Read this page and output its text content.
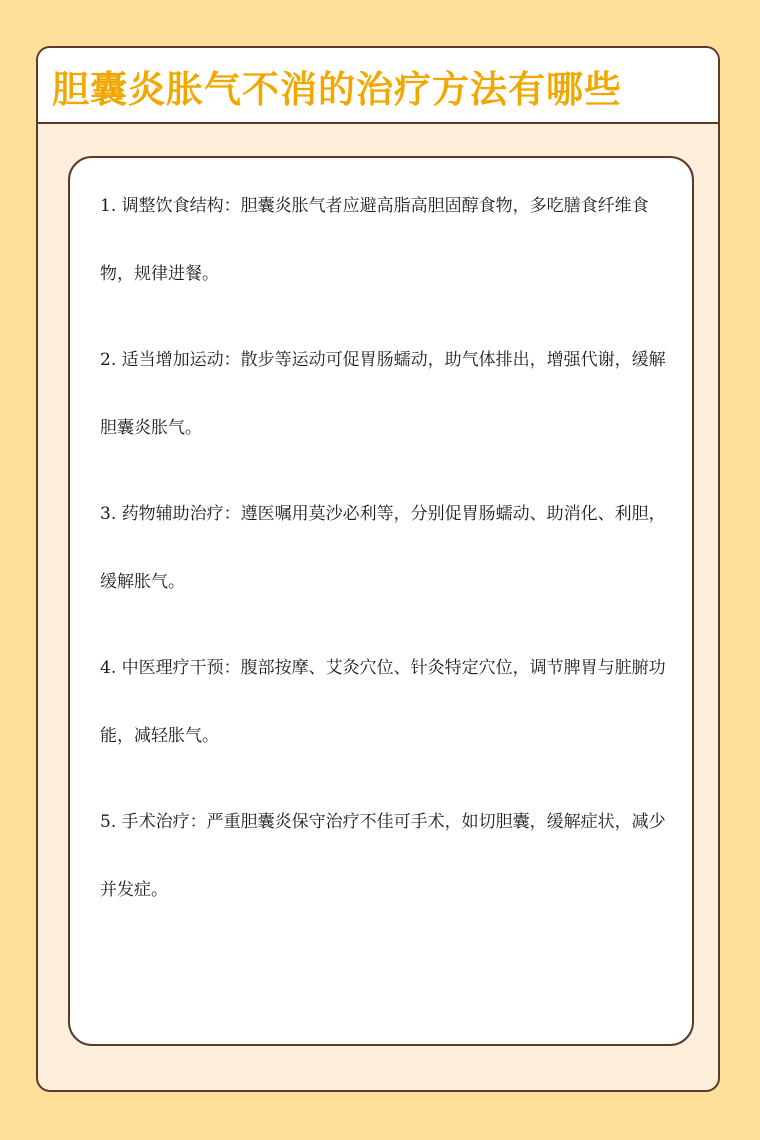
胆囊炎胀气不消的治疗方法有哪些

1. 调整饮食结构：胆囊炎胀气者应避高脂高胆固醇食物，多吃膳食纤维食物，规律进餐。

2. 适当增加运动：散步等运动可促胃肠蠕动，助气体排出，增强代谢，缓解胆囊炎胀气。

3. 药物辅助治疗：遵医嘱用莫沙必利等，分别促胃肠蠕动、助消化、利胆，缓解胀气。

4. 中医理疗干预：腹部按摩、艾灸穴位、针灸特定穴位，调节脾胃与脏腑功能，减轻胀气。

5. 手术治疗：严重胆囊炎保守治疗不佳可手术，如切胆囊，缓解症状，减少并发症。
